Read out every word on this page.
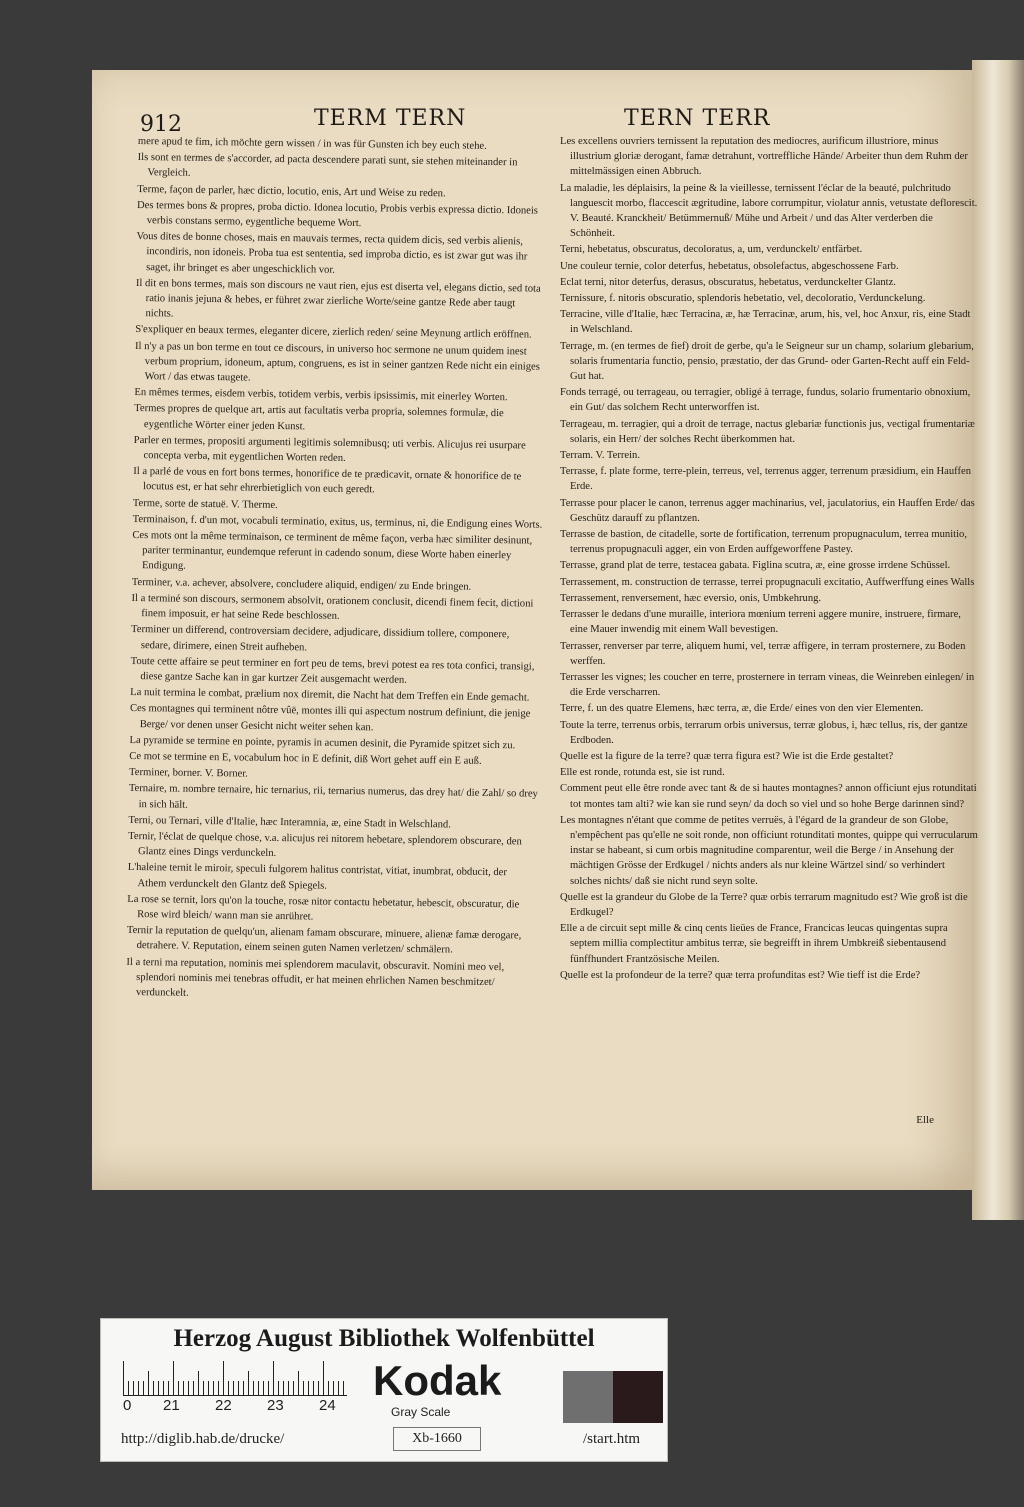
912	TERM TERN	TERN TERR
mere apud te fim, ich möchte gern wissen / in was für Gunsten ich bey euch stehe.
Ils sont en termes de s'accorder, ad pacta descendere parati sunt, sie stehen miteinander in Vergleich.
Terme, façon de parler, hæc dictio, locutio, enis, Art und Weise zu reden.
Des termes bons & propres, proba dictio. Idonea locutio, Probis verbis expressa dictio. Idoneis verbis constans sermo, eygentliche bequeme Wort.
Vous dites de bonne choses, mais en mauvais termes, recta quidem dicis, sed verbis alienis, incondiris, non idoneis. Proba tua est sententia, sed improba dictio, es ist zwar gut was ihr saget, ihr bringet es aber ungeschicklich vor.
Il dit en bons termes, mais son discours ne vaut rien, ejus est diserta vel, elegans dictio, sed tota ratio inanis jejuna & hebes, er führet zwar zierliche Worte/seine gantze Rede aber taugt nichts.
S'expliquer en beaux termes, eleganter dicere, zierlich reden/ seine Meynung artlich eröffnen.
Il n'y a pas un bon terme en tout ce discours, in universo hoc sermone ne unum quidem inest verbum proprium, idoneum, aptum, congruens, es ist in seiner gantzen Rede nicht ein einiges Wort / das etwas taugete.
En mêmes termes, eisdem verbis, totidem verbis, verbis ipsissimis, mit einerley Worten.
Termes propres de quelque art, artis aut facultatis verba propria, solemnes formulæ, die eygentliche Wörter einer jeden Kunst.
Parler en termes, propositi argumenti legitimis solemnibusq; uti verbis. Alicujus rei usurpare concepta verba, mit eygentlichen Worten reden.
Il a parlé de vous en fort bons termes, honorifice de te prædicavit, ornate & honorifice de te locutus est, er hat sehr ehrerbietiglich von euch geredt.
Terme, sorte de statuë. V. Therme.
Terminaison, f. d'un mot, vocabuli terminatio, exitus, us, terminus, ni, die Endigung eines Worts.
Ces mots ont la même terminaison, ce terminent de même façon, verba hæc similiter desinunt, pariter terminantur, eundemque referunt in cadendo sonum, diese Worte haben einerley Endigung.
Terminer, v.a. achever, absolvere, concludere aliquid, endigen/ zu Ende bringen.
Il a terminé son discours, sermonem absolvit, orationem conclusit, dicendi finem fecit, dictioni finem imposuit, er hat seine Rede beschlossen.
Terminer un differend, controversiam decidere, adjudicare, dissidium tollere, componere, sedare, dirimere, einen Streit aufheben.
Toute cette affaire se peut terminer en fort peu de tems, brevi potest ea res tota confici, transigi, diese gantze Sache kan in gar kurtzer Zeit ausgemacht werden.
La nuit termina le combat, prælium nox diremit, die Nacht hat dem Treffen ein Ende gemacht.
Ces montagnes qui terminent nôtre vûë, montes illi qui aspectum nostrum definiunt, die jenige Berge/ vor denen unser Gesicht nicht weiter sehen kan.
La pyramide se termine en pointe, pyramis in acumen desinit, die Pyramide spitzet sich zu.
Ce mot se termine en E, vocabulum hoc in E definit, diß Wort gehet auff ein E auß.
Terminer, borner. V. Borner.
Ternaire, m. nombre ternaire, hic ternarius, rii, ternarius numerus, das drey hat/ die Zahl/ so drey in sich hält.
Terni, ou Ternari, ville d'Italie, hæc Interamnia, æ, eine Stadt in Welschland.
Ternir, l'éclat de quelque chose, v.a. alicujus rei nitorem hebetare, splendorem obscurare, den Glantz eines Dings verdunckeln.
L'haleine ternit le miroir, speculi fulgorem halitus contristat, vitiat, inumbrat, obducit, der Athem verdunckelt den Glantz deß Spiegels.
La rose se ternit, lors qu'on la touche, rosæ nitor contactu hebetatur, hebescit, obscuratur, die Rose wird bleich/ wann man sie anrühret.
Ternir la reputation de quelqu'un, alienam famam obscurare, minuere, alienæ famæ derogare, detrahere. V. Reputation, einem seinen guten Namen verletzen/ schmälern.
Il a terni ma reputation, nominis mei splendorem maculavit, obscuravit. Nomini meo vel, splendori nominis mei tenebras offudit, er hat meinen ehrlichen Namen beschmitzet/ verdunckelt.
Les excellens ouvriers ternissent la reputation des mediocres, aurificum illustriore, minus illustrium gloriæ derogant, famæ detrahunt, vortreffliche Hände/ Arbeiter thun dem Ruhm der mittelmässigen einen Abbruch.
La maladie, les déplaisirs, la peine & la vieillesse, ternissent l'éclar de la beauté, pulchritudo languescit morbo, flaccescit ægritudine, labore corrumpitur, violatur annis, vetustate deflorescit. V. Beauté. Kranckheit/ Betümmernuß/ Mühe und Arbeit / und das Alter verderben die Schönheit.
Terni, hebetatus, obscuratus, decoloratus, a, um, verdunckelt/ entfärbet.
Une couleur ternie, color deterfus, hebetatus, obsolefactus, abgeschossene Farb.
Eclat terni, nitor deterfus, derasus, obscuratus, hebetatus, verdunckelter Glantz.
Ternissure, f. nitoris obscuratio, splendoris hebetatio, vel, decoloratio, Verdunckelung.
Terracine, ville d'Italie, hæc Terracina, æ, hæ Terracinæ, arum, his, vel, hoc Anxur, ris, eine Stadt in Welschland.
Terrage, m. (en termes de fief) droit de gerbe, qu'a le Seigneur sur un champ, solarium glebarium, solaris frumentaria functio, pensio, præstatio, der das Grund- oder Garten-Recht auff ein Feld-Gut hat.
Fonds terragé, ou terrageau, ou terragier, obligé à terrage, fundus, solario frumentario obnoxium, ein Gut/ das solchem Recht unterworffen ist.
Terrageau, m. terragier, qui a droit de terrage, nactus glebariæ functionis jus, vectigal frumentariæ solaris, ein Herr/ der solches Recht überkommen hat.
Terram. V. Terrein.
Terrasse, f. plate forme, terre-plein, terreus, vel, terrenus agger, terrenum præsidium, ein Hauffen Erde.
Terrasse pour placer le canon, terrenus agger machinarius, vel, jaculatorius, ein Hauffen Erde/ das Geschütz darauff zu pflantzen.
Terrasse de bastion, de citadelle, sorte de fortification, terrenum propugnaculum, terrea munitio, terrenus propugnaculi agger, ein von Erden auffgeworffene Pastey.
Terrasse, grand plat de terre, testacea gabata. Figlina scutra, æ, eine grosse irrdene Schüssel.
Terrassement, m. construction de terrasse, terrei propugnaculi excitatio, Auffwerffung eines Walls
Terrassement, renversement, hæc eversio, onis, Umbkehrung.
Terrasser le dedans d'une muraille, interiora mœnium terreni aggere munire, instruere, firmare, eine Mauer inwendig mit einem Wall bevestigen.
Terrasser, renverser par terre, aliquem humi, vel, terræ affigere, in terram prosternere, zu Boden werffen.
Terrasser les vignes; les coucher en terre, prosternere in terram vineas, die Weinreben einlegen/ in die Erde verscharren.
Terre, f. un des quatre Elemens, hæc terra, æ, die Erde/ eines von den vier Elementen.
Toute la terre, terrenus orbis, terrarum orbis universus, terræ globus, i, hæc tellus, ris, der gantze Erdboden.
Quelle est la figure de la terre? quæ terra figura est? Wie ist die Erde gestaltet?
Elle est ronde, rotunda est, sie ist rund.
Comment peut elle être ronde avec tant & de si hautes montagnes? annon officiunt ejus rotunditati tot montes tam alti? wie kan sie rund seyn/ da doch so viel und so hohe Berge darinnen sind?
Les montagnes n'étant que comme de petites verruës, à l'égard de la grandeur de son Globe, n'empêchent pas qu'elle ne soit ronde, non officiunt rotunditati montes, quippe qui verrucularum instar se habeant, si cum orbis magnitudine comparentur, weil die Berge / in Ansehung der mächtigen Grösse der Erdkugel / nichts anders als nur kleine Wärtzel sind/ so verhindert solches nichts/ daß sie nicht rund seyn solte.
Quelle est la grandeur du Globe de la Terre? quæ orbis terrarum magnitudo est? Wie groß ist die Erdkugel?
Elle a de circuit sept mille & cinq cents lieües de France, Francicas leucas quingentas supra septem millia complectitur ambitus terræ, sie begreifft in ihrem Umbkreiß siebentausend fünffhundert Frantzösische Meilen.
Quelle est la profondeur de la terre? quæ terra profunditas est? Wie tieff ist die Erde?
Elle
Herzog August Bibliothek Wolfenbüttel
0 21 22 23 24
Kodak
Gray Scale
http://diglib.hab.de/drucke/	Xb-1660	/start.htm
